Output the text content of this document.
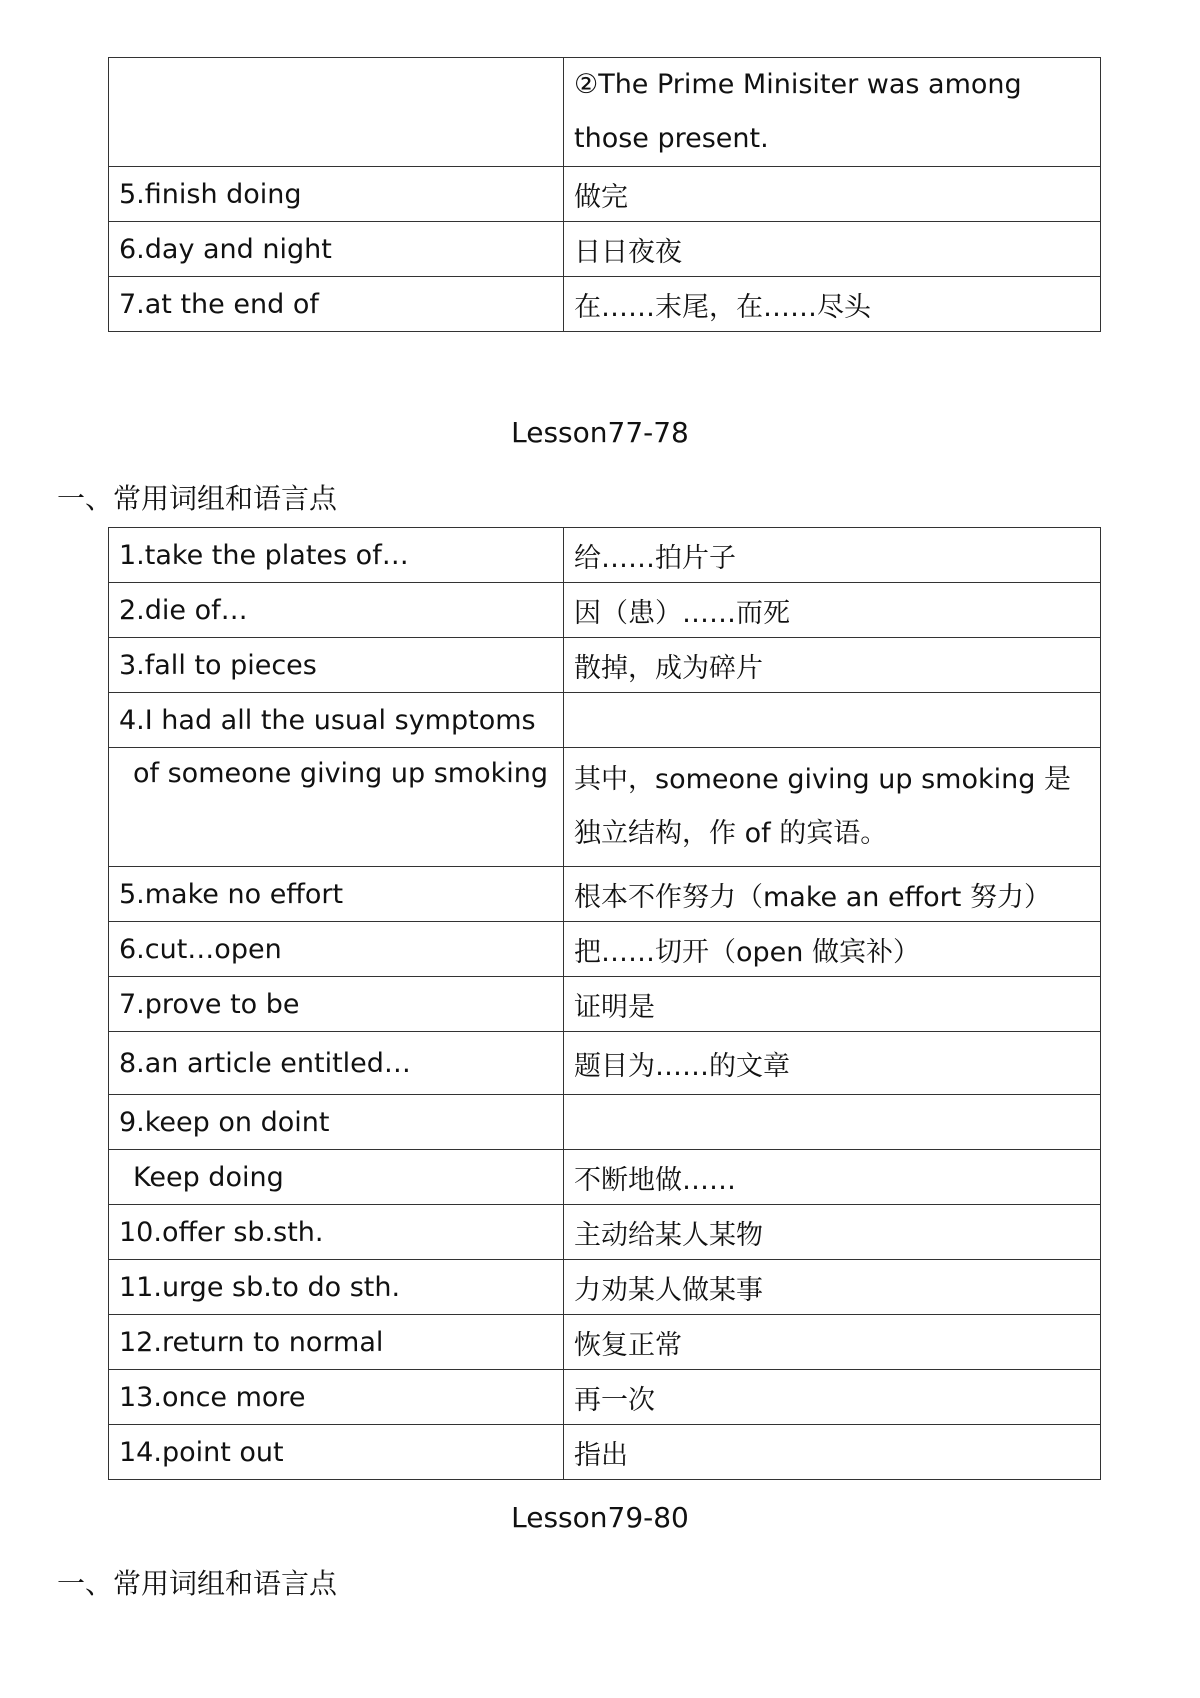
	②The Prime Minisiter was among those present.
5.finish doing	做完
6.day and night	日日夜夜
7.at the end of	在……末尾，在……尽头
Lesson77-78
一、常用词组和语言点
1.take the plates of…	给……拍片子
2.die of…	因（患）……而死
3.fall to pieces	散掉，成为碎片
4.I had all the usual symptoms	
of someone giving up smoking	其中，someone giving up smoking 是独立结构，作 of 的宾语。
5.make no effort	根本不作努力（make an effort 努力）
6.cut…open	把……切开（open 做宾补）
7.prove to be	证明是
8.an article entitled…	题目为……的文章
9.keep on doint	
Keep doing	不断地做……
10.offer sb.sth.	主动给某人某物
11.urge sb.to do sth.	力劝某人做某事
12.return to normal	恢复正常
13.once more	再一次
14.point out	指出
Lesson79-80
一、常用词组和语言点
